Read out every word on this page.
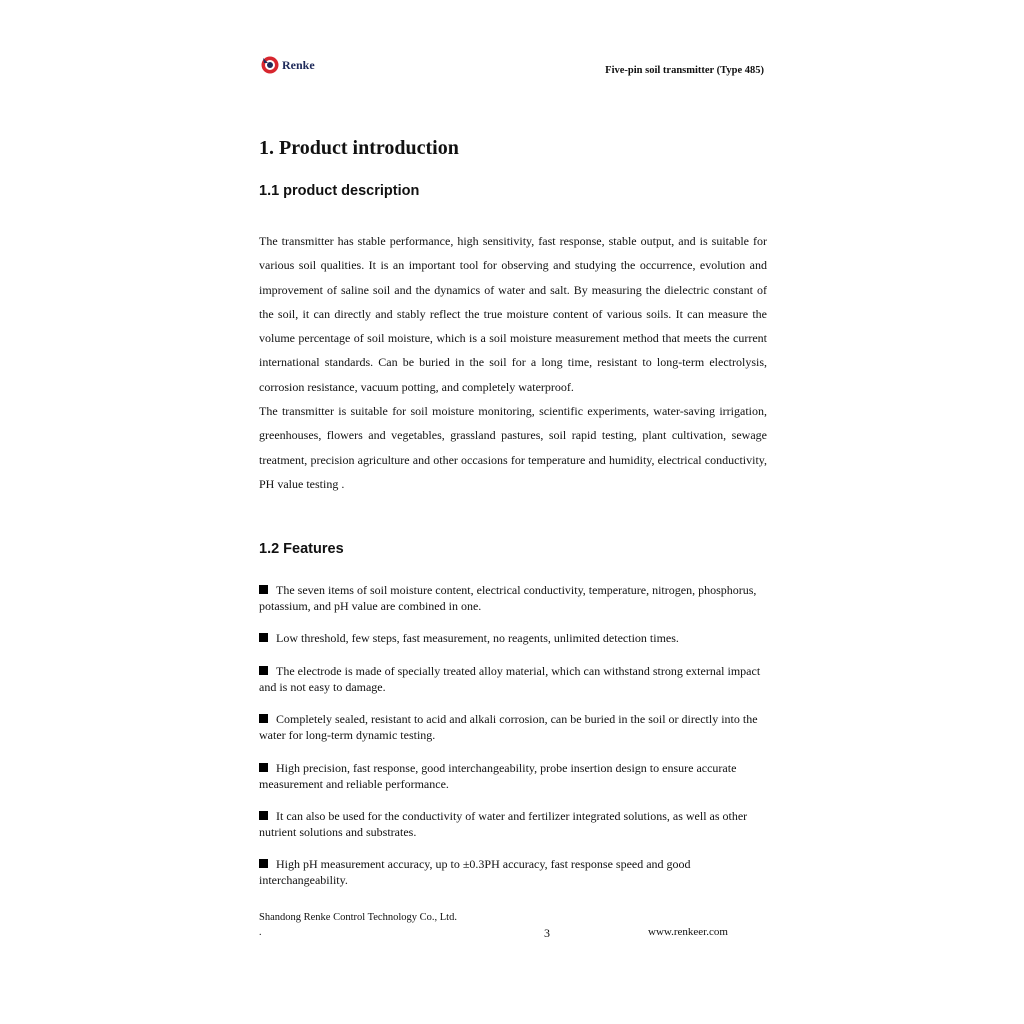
Renke	Five-pin soil transmitter (Type 485)
1. Product introduction
1.1 product description

The transmitter has stable performance, high sensitivity, fast response, stable output, and is suitable for various soil qualities. It is an important tool for observing and studying the occurrence, evolution and improvement of saline soil and the dynamics of water and salt. By measuring the dielectric constant of the soil, it can directly and stably reflect the true moisture content of various soils. It can measure the volume percentage of soil moisture, which is a soil moisture measurement method that meets the current international standards. Can be buried in the soil for a long time, resistant to long-term electrolysis, corrosion resistance, vacuum potting, and completely waterproof.

The transmitter is suitable for soil moisture monitoring, scientific experiments, water-saving irrigation, greenhouses, flowers and vegetables, grassland pastures, soil rapid testing, plant cultivation, sewage treatment, precision agriculture and other occasions for temperature and humidity, electrical conductivity, PH value testing .

1.2 Features
The seven items of soil moisture content, electrical conductivity, temperature, nitrogen, phosphorus, potassium, and pH value are combined in one.
Low threshold, few steps, fast measurement, no reagents, unlimited detection times.
The electrode is made of specially treated alloy material, which can withstand strong external impact and is not easy to damage.
Completely sealed, resistant to acid and alkali corrosion, can be buried in the soil or directly into the water for long-term dynamic testing.
High precision, fast response, good interchangeability, probe insertion design to ensure accurate measurement and reliable performance.
It can also be used for the conductivity of water and fertilizer integrated solutions, as well as other nutrient solutions and substrates.
High pH measurement accuracy, up to ±0.3PH accuracy, fast response speed and good interchangeability.
Shandong Renke Control Technology Co., Ltd.
.	3	www.renkeer.com
